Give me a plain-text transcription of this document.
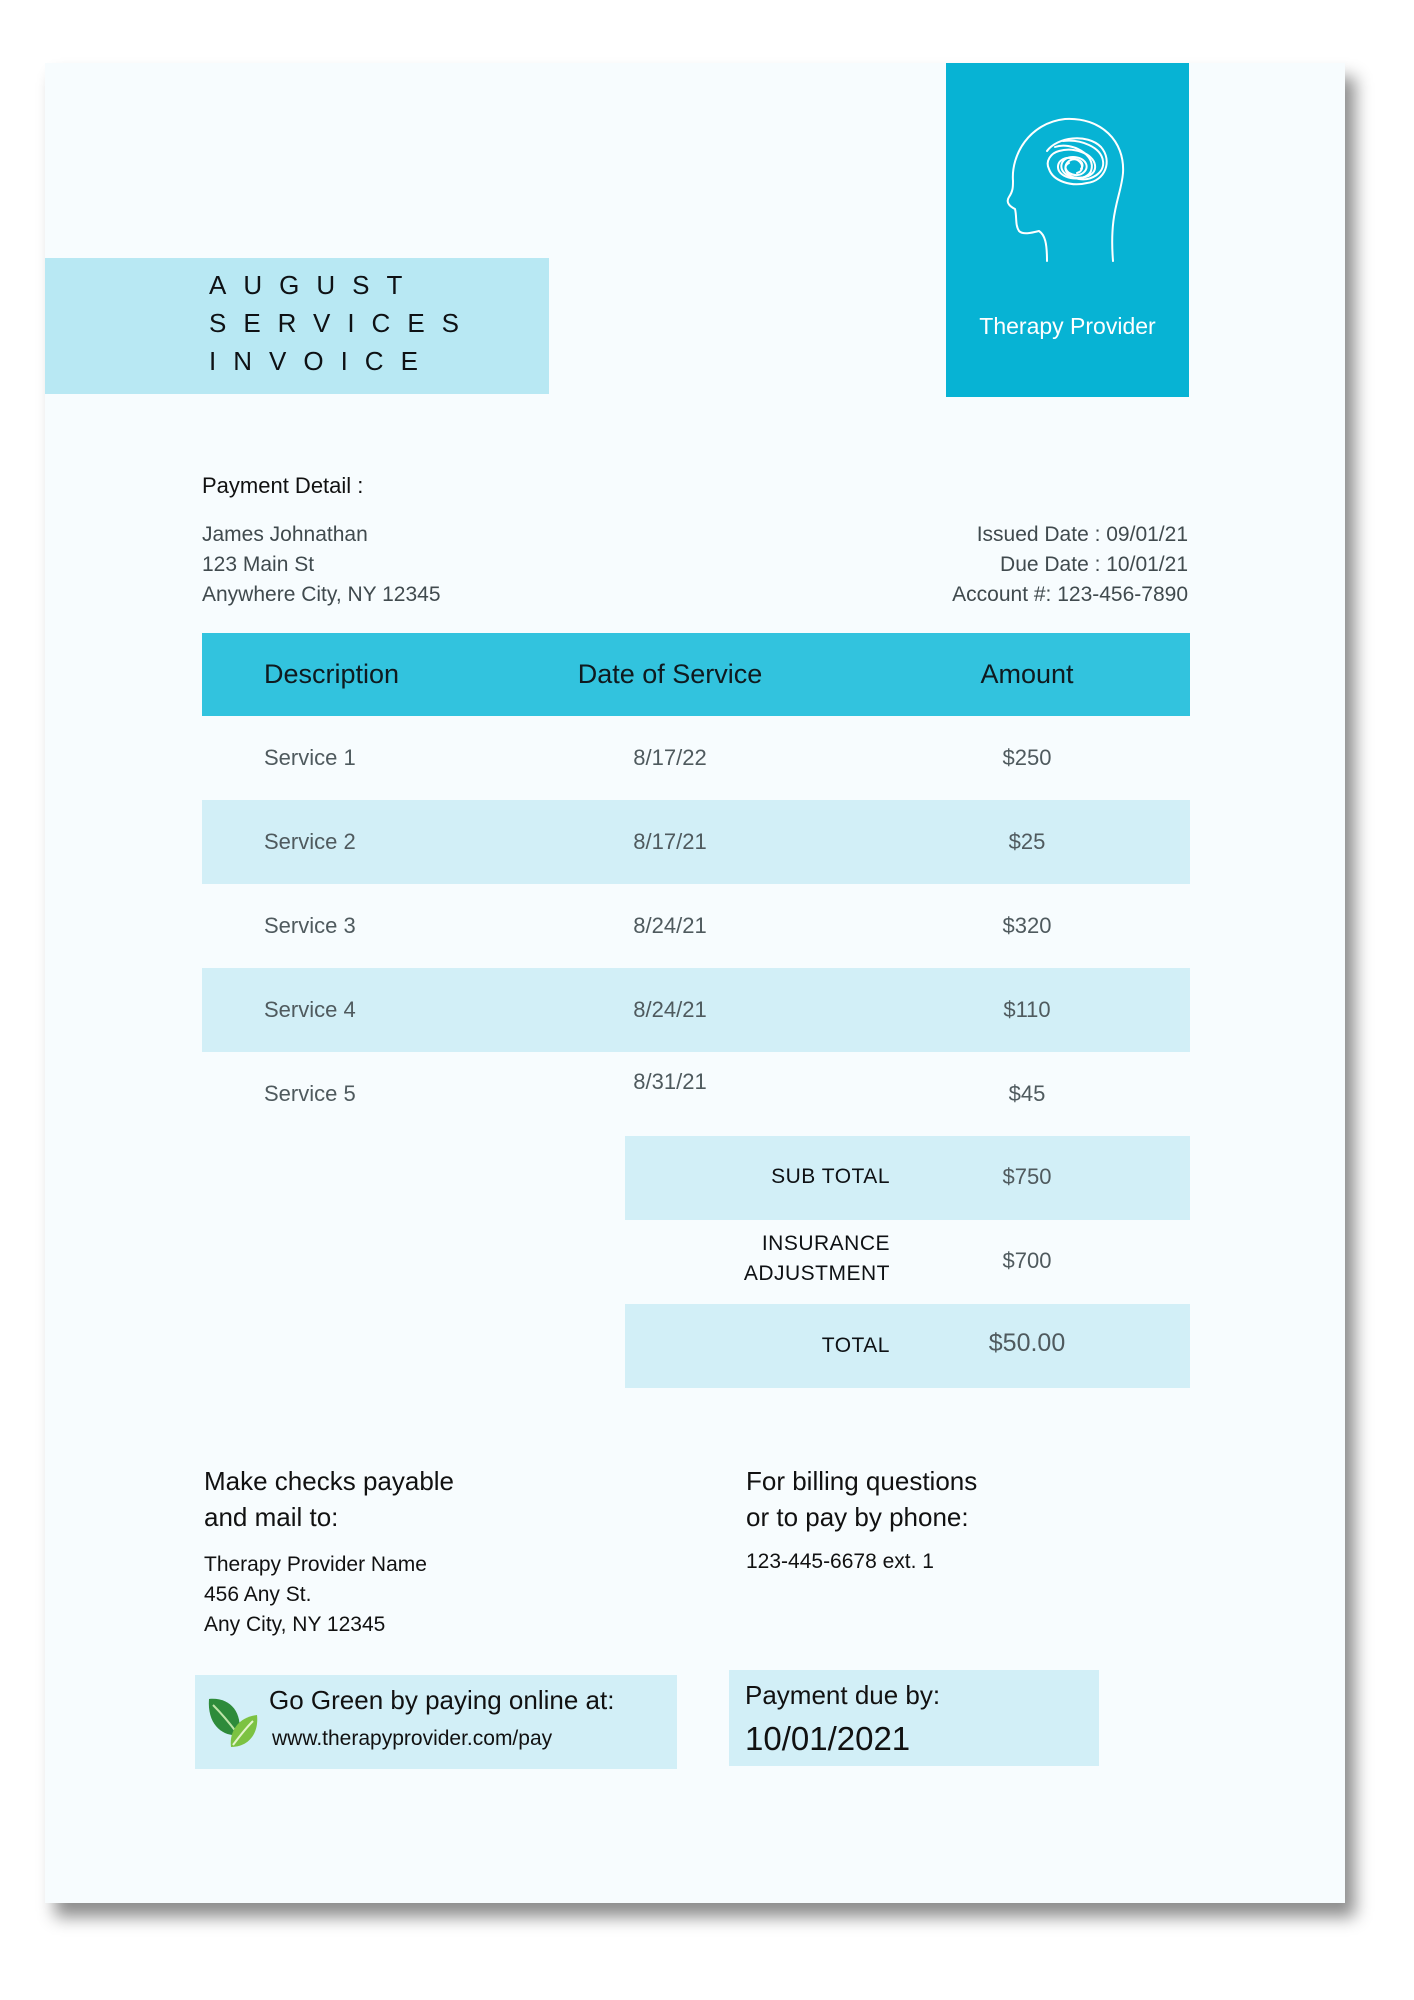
AUGUST
SERVICES
INVOICE
Therapy Provider
Payment Detail :
James Johnathan
123 Main St
Anywhere City, NY 12345
Issued Date : 09/01/21
Due Date : 10/01/21
Account #: 123-456-7890
Description	Date of Service	Amount
Service 1	8/17/22	$250
Service 2	8/17/21	$25
Service 3	8/24/21	$320
Service 4	8/24/21	$110
Service 5	8/31/21	$45
SUB TOTAL	$750
INSURANCE
ADJUSTMENT
$700
TOTAL	$50.00
Make checks payable
and mail to:
Therapy Provider Name
456 Any St.
Any City, NY 12345
For billing questions
or to pay by phone:
123-445-6678 ext. 1
Go Green by paying online at:
www.therapyprovider.com/pay
Payment due by:
10/01/2021
